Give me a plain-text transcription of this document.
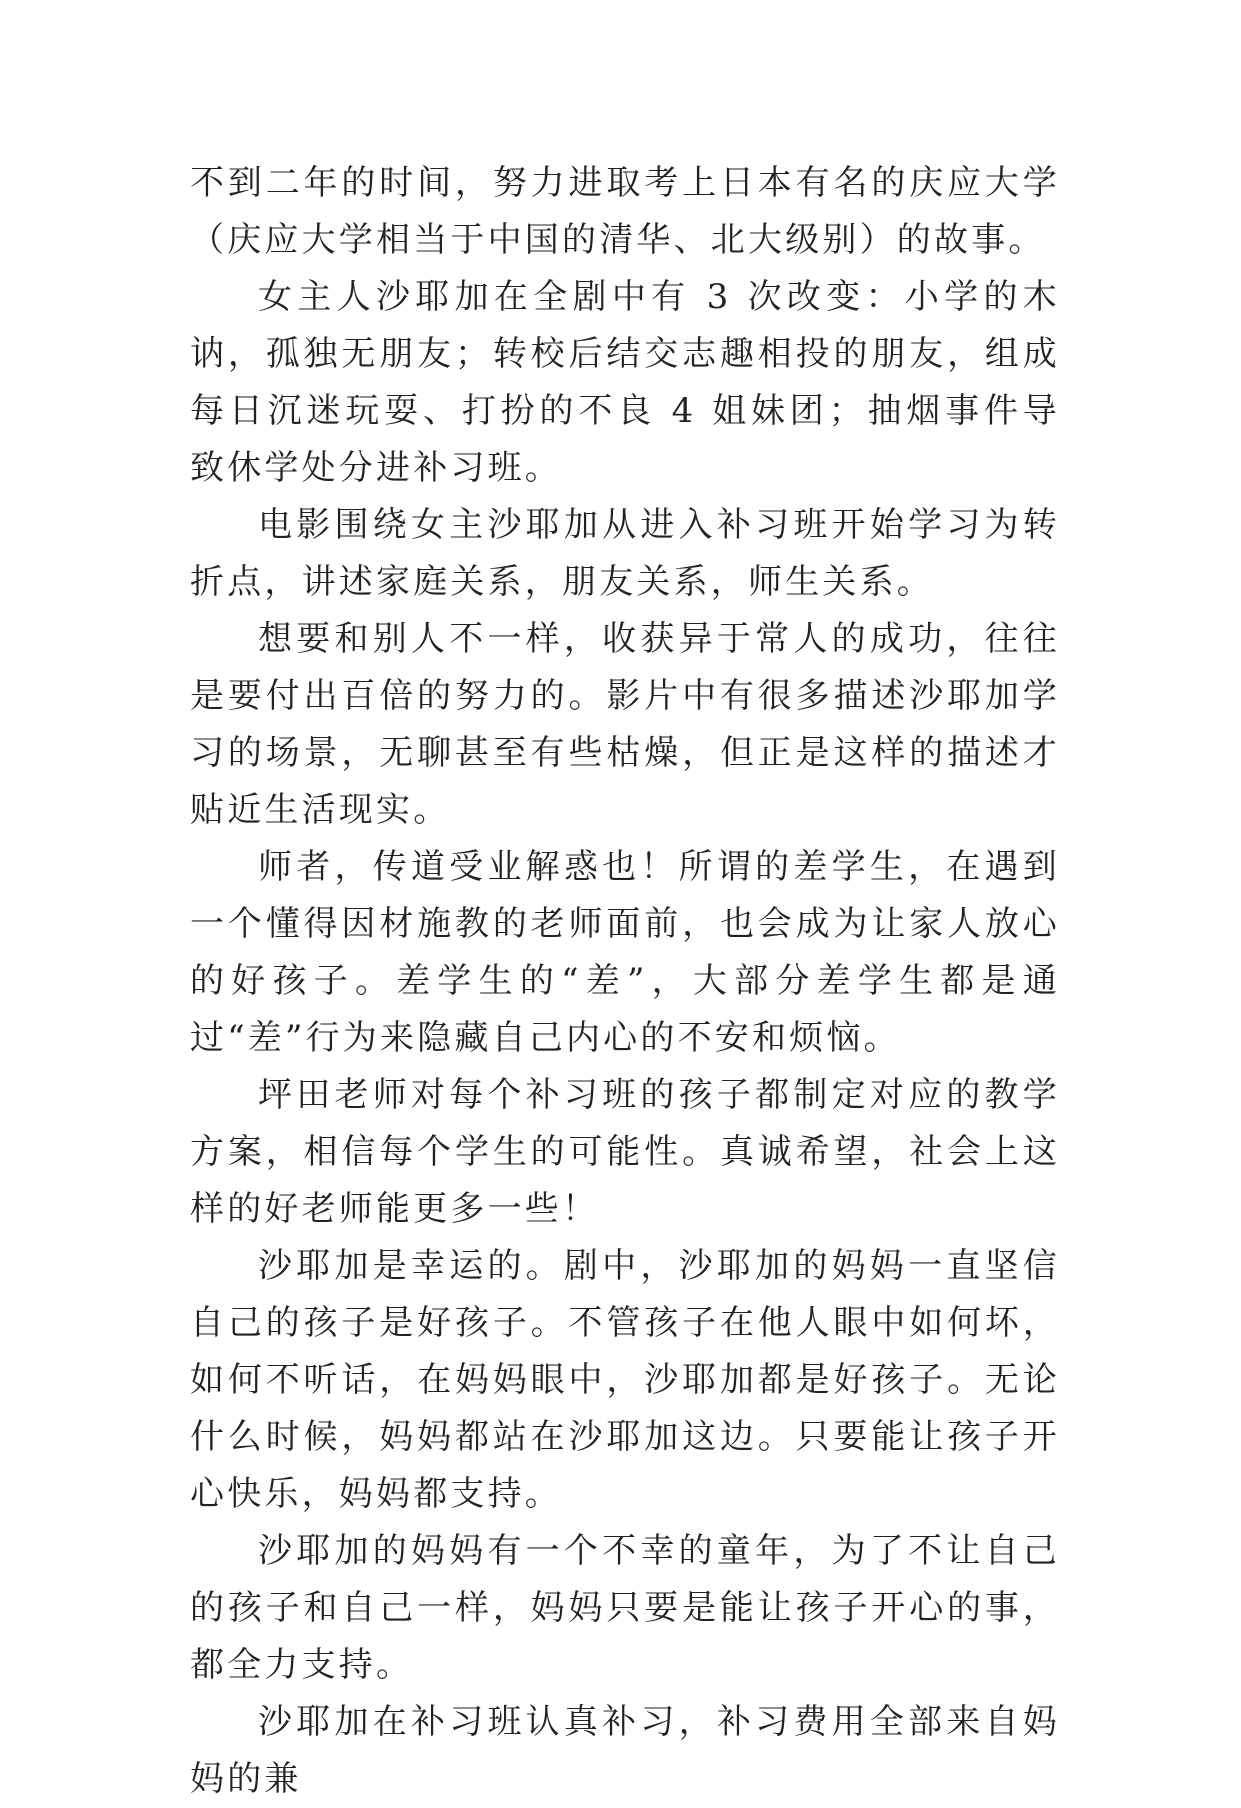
不到二年的时间，努力进取考上日本有名的庆应大学（庆应大学相当于中国的清华、北大级别）的故事。

女主人沙耶加在全剧中有 3 次改变：小学的木讷，孤独无朋友；转校后结交志趣相投的朋友，组成每日沉迷玩耍、打扮的不良 4 姐妹团；抽烟事件导致休学处分进补习班。

电影围绕女主沙耶加从进入补习班开始学习为转折点，讲述家庭关系，朋友关系，师生关系。

想要和别人不一样，收获异于常人的成功，往往是要付出百倍的努力的。影片中有很多描述沙耶加学习的场景，无聊甚至有些枯燥，但正是这样的描述才贴近生活现实。

师者，传道受业解惑也！所谓的差学生，在遇到一个懂得因材施教的老师面前，也会成为让家人放心的好孩子。差学生的“差”，大部分差学生都是通过“差”行为来隐藏自己内心的不安和烦恼。

坪田老师对每个补习班的孩子都制定对应的教学方案，相信每个学生的可能性。真诚希望，社会上这样的好老师能更多一些！

沙耶加是幸运的。剧中，沙耶加的妈妈一直坚信自己的孩子是好孩子。不管孩子在他人眼中如何坏，如何不听话，在妈妈眼中，沙耶加都是好孩子。无论什么时候，妈妈都站在沙耶加这边。只要能让孩子开心快乐，妈妈都支持。

沙耶加的妈妈有一个不幸的童年，为了不让自己的孩子和自己一样，妈妈只要是能让孩子开心的事，都全力支持。

沙耶加在补习班认真补习，补习费用全部来自妈妈的兼
